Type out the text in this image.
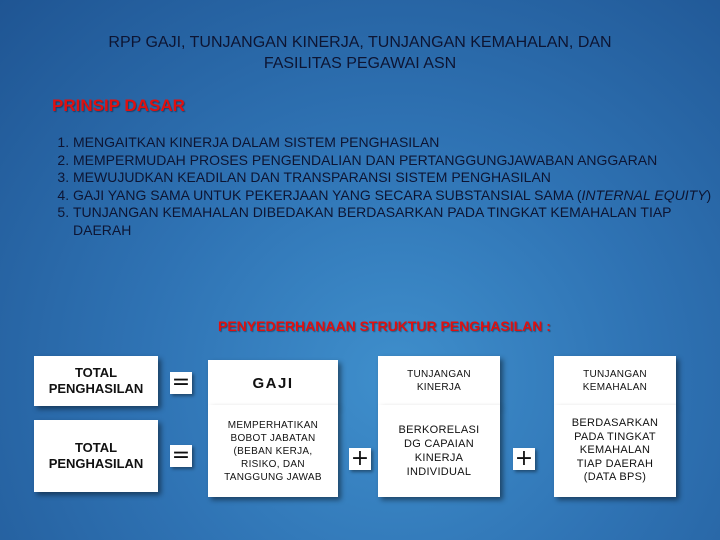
RPP GAJI, TUNJANGAN KINERJA, TUNJANGAN KEMAHALAN, DAN
FASILITAS PEGAWAI ASN
PRINSIP DASAR
1. MENGAITKAN KINERJA DALAM SISTEM PENGHASILAN
2. MEMPERMUDAH PROSES PENGENDALIAN DAN PERTANGGUNGJAWABAN ANGGARAN
3. MEWUJUDKAN KEADILAN DAN TRANSPARANSI SISTEM PENGHASILAN
4. GAJI YANG SAMA UNTUK PEKERJAAN YANG SECARA SUBSTANSIAL SAMA (INTERNAL EQUITY)
5. TUNJANGAN KEMAHALAN DIBEDAKAN BERDASARKAN PADA TINGKAT KEMAHALAN TIAP DAERAH
PENYEDERHANAAN STRUKTUR PENGHASILAN :
TOTAL
PENGHASILAN =	GAJI	TUNJANGAN
KINERJA
TUNJANGAN
KEMAHALAN
TOTAL
PENGHASILAN =
MEMPERHATIKAN
BOBOT JABATAN
(BEBAN KERJA,
RISIKO, DAN
TANGGUNG JAWAB
+
BERKORELASI
DG CAPAIAN
KINERJA
INDIVIDUAL
+
BERDASARKAN
PADA TINGKAT
KEMAHALAN
TIAP DAERAH
(DATA BPS)
